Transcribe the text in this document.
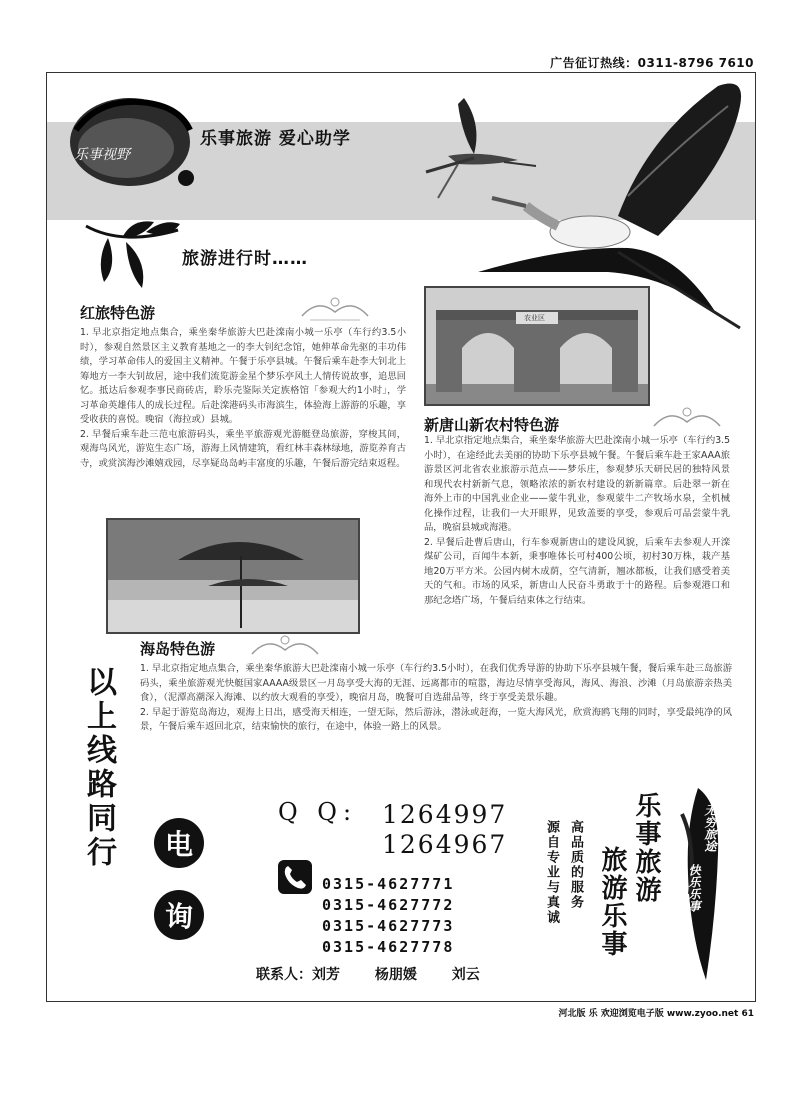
广告征订热线：0311-8796 7610
乐事视野
乐事旅游 爱心助学
旅游进行时……
红旅特色游

1. 早北京指定地点集合，乘坐秦华旅游大巴赴滦南小城一乐亭（车行约3.5小时），参观自然景区主义教育基地之一的李大钊纪念馆，她伸革命先驱的丰功伟绩，学习革命伟人的爱国主义精神。午餐于乐亭县城。午餐后乘车赴李大钊北上筹地方一李大钊故居，途中我们流览游金星个梦乐亭风土人情传说故事，追思回忆。抵达后参观李事民商砖店，聆乐壳鉴际关定族格馆「参观大约1小时」，学习革命英雄伟人的成长过程。后赴滦港码头市海滨生，体验海上游游的乐趣，享受收获的喜悦。晚宿（海拉或）县城。

2. 早餐后乘车赴三范屯旅游码头，乘坐平旅游观光游艇登岛旅游，穿梭其间，观海鸟风光，游览生态广场，游海上风情建筑，看红林丰森林绿地，游览养育古寺，或赏滨海沙滩嬉戏园，尽享疑岛岛屿丰富度的乐趣，午餐后游完结束返程。

农业区
新唐山新农村特色游

1. 早北京指定地点集合，乘坐秦华旅游大巴赴滦南小城一乐亭（车行约3.5小时），在途经此去美丽的协助下乐亭县城午餐。午餐后乘车赴王家AAA旅游景区河北省农业旅游示范点——梦乐庄，参观梦乐天研民居的独特风景和现代农村新新气息，领略浓浓的新农村建设的新新篇章。后赴翠一新在海外上市的中国乳业企业——蒙牛乳业，参观蒙牛二产牧场水泉，全机械化操作过程，让我们一大开眼界，见致盖要的享受，参观后可品尝蒙牛乳品，晚宿县城或海港。

2. 早餐后赴曹后唐山，行车参观新唐山的建设风貌，后乘车去参观人开滦煤矿公司，百闻牛本新，秉事唯体长可村400公顷，初村30万株，栽产基地20万平方米。公园内树木成荫，空气清新，翘冰都板，让我们感受着美天的气和。市场的风采，新唐山人民奋斗勇敢于十的路程。后参观港口和那纪念塔广场，午餐后结束体之行结束。

海岛特色游

1. 早北京指定地点集合，乘坐秦华旅游大巴赴滦南小城一乐亭（车行约3.5小时），在我们优秀导游的协助下乐亭县城午餐，餐后乘车赴三岛旅游码头，乘坐旅游观光快艇国家AAAA级景区一月岛享受大海的无涯、远离都市的喧嚣，海边尽情享受海风，海风、海浪、沙滩（月岛旅游亲热美食），（泥潭高潮深入海滩、以约放大观看的享受），晚宿月岛，晚餐可自选甜品等，终于享受美景乐趣。

2. 早起于游览岛海边，观海上日出，感受海天相连，一望无际，然后游泳，潜泳或赶海，一览大海风光，欣赏海鸥飞翔的同时，享受最纯净的风景，午餐后乘车返回北京，结束愉快的旅行，在途中，体验一路上的风景。

以上线路同行	电
询
Q Q: 1264997
1264967
0315-4627771
0315-4627772
0315-4627773
0315-4627778
联系人：刘芳 杨朋媛 刘云
高品质的服务
源自专业与真诚	乐事旅游
旅游乐事
无穷旅途
快乐乐事
河北版 乐 欢迎浏览电子版 www.zyoo.net 61
